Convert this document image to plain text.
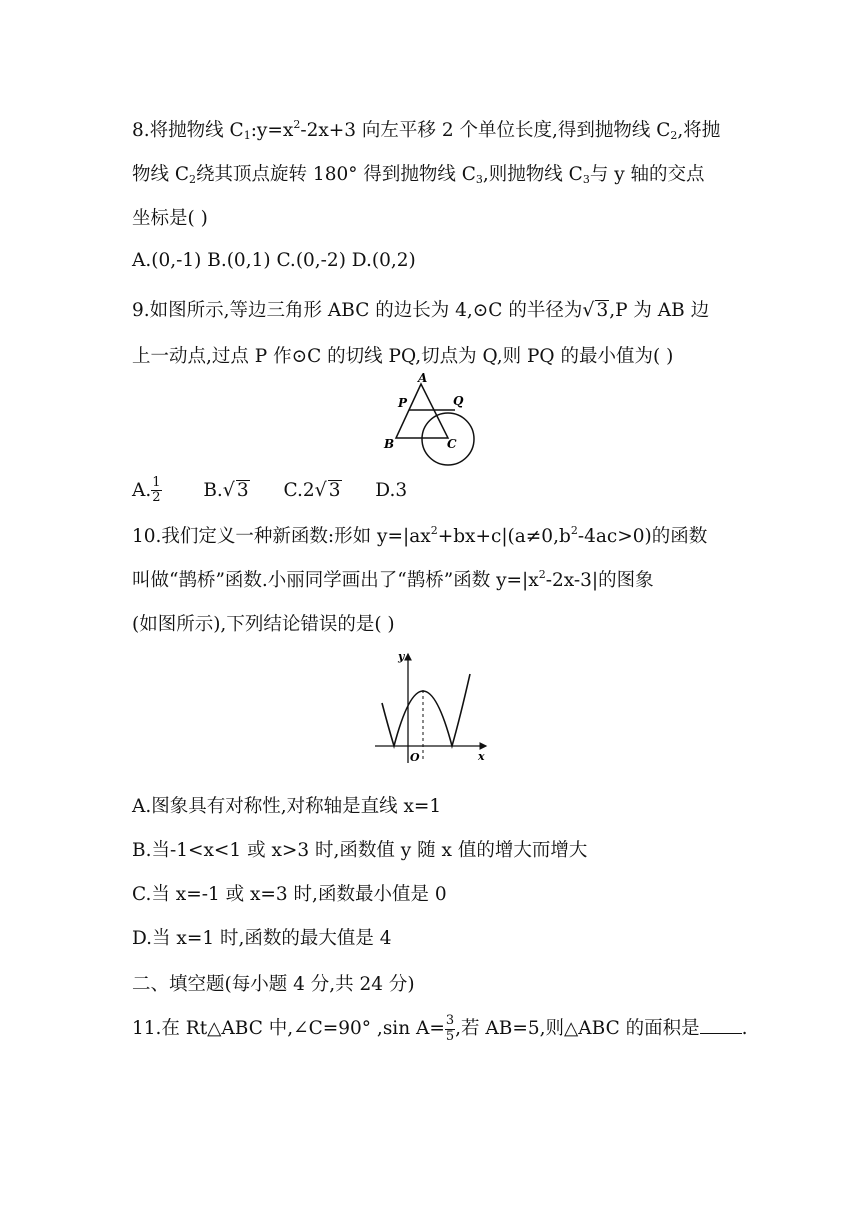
8.将抛物线 $C_1:y=x^2-2x+3$ 向左平移 2 个单位长度,得到抛物线 $C_2$,将抛
物线 $C_2$绕其顶点旋转 180° 得到抛物线 $C_3$,则抛物线 $C_3$与 y 轴的交点
坐标是( )
A.(0,-1) B.(0,1) C.(0,-2) D.(0,2)
9.如图所示,等边三角形 ABC 的边长为 4,⊙C 的半径为√ 3,P 为 AB 边
上一动点,过点 P 作⊙C 的切线 PQ,切点为 Q,则 PQ 的最小值为( )
A
P	Q
B	C
A. $\frac{1}{2} B.√$ 3 C.2√ 3 D.3
10.我们定义一种新函数:形如 $y=|ax^2+bx+c|(a\ne 0,b^2-4ac>0)$的函数
叫做“鹊桥”函数.小丽同学画出了“鹊桥”函数 $y=|x^2-2x-3|$的图象
(如图所示),下列结论错误的是( )
y
O	x
A.图象具有对称性,对称轴是直线 x=1
B.当-1<x<1 或 x>3 时,函数值 y 随 x 值的增大而增大
C.当 x=-1 或 x=3 时,函数最小值是 0
D.当 x=1 时,函数的最大值是 4
二、填空题(每小题 4 分,共 24 分)
11.在 Rt△ABC 中,∠C=90° ,sin $A= \frac{3}{5}$ ,若 AB=5,则△ABC 的面积是 .
